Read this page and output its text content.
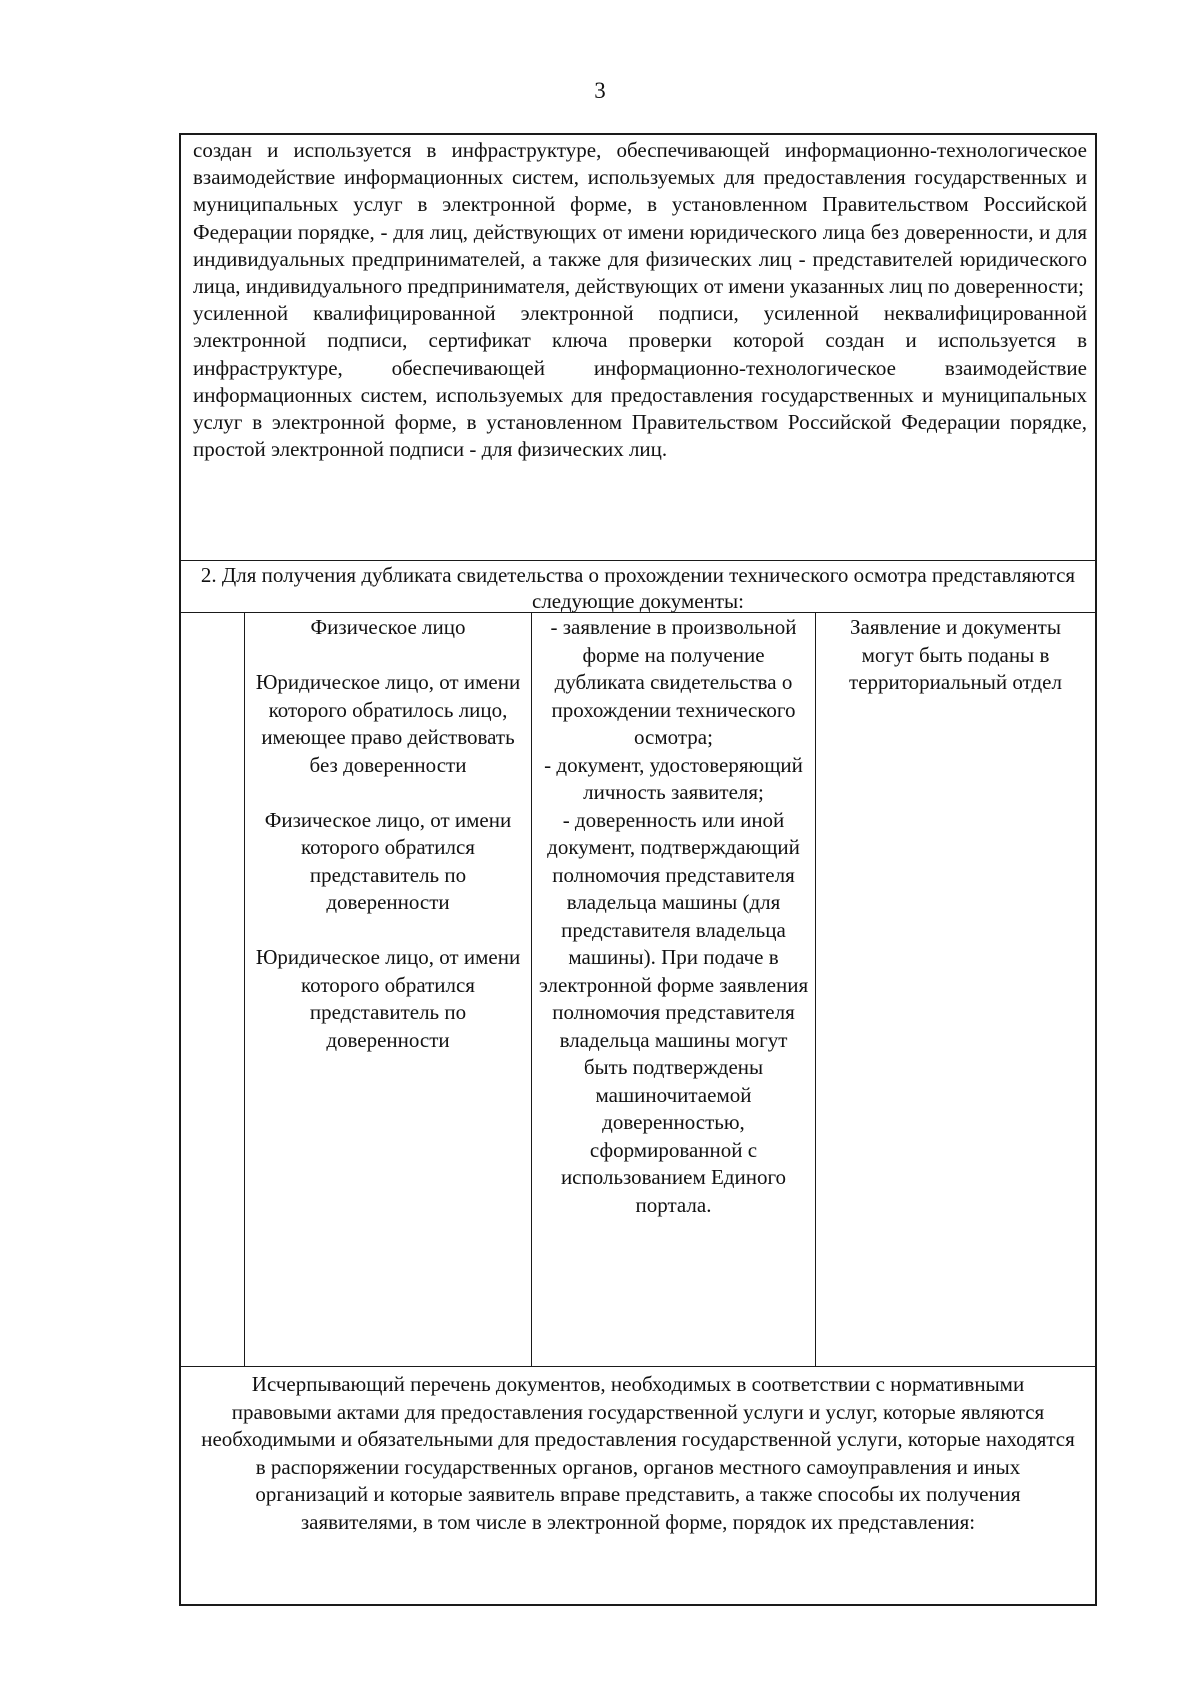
3

создан и используется в инфраструктуре, обеспечивающей информационно-технологическое взаимодействие информационных систем, используемых для предоставления государственных и муниципальных услуг в электронной форме, в установленном Правительством Российской Федерации порядке, - для лиц, действующих от имени юридического лица без доверенности, и для индивидуальных предпринимателей, а также для физических лиц - представителей юридического лица, индивидуального предпринимателя, действующих от имени указанных лиц по доверенности;

усиленной квалифицированной электронной подписи, усиленной неквалифицированной электронной подписи, сертификат ключа проверки которой создан и используется в инфраструктуре, обеспечивающей информационно-технологическое взаимодействие информационных систем, используемых для предоставления государственных и муниципальных услуг в электронной форме, в установленном Правительством Российской Федерации порядке, простой электронной подписи - для физических лиц.

2. Для получения дубликата свидетельства о прохождении технического осмотра представляются следующие документы:

Физическое лицо

Юридическое лицо, от имени которого обратилось лицо, имеющее право действовать без доверенности

Физическое лицо, от имени которого обратился представитель по доверенности

Юридическое лицо, от имени которого обратился представитель по доверенности

- заявление в произвольной форме на получение дубликата свидетельства о прохождении технического осмотра;

- документ, удостоверяющий личность заявителя;

- доверенность или иной документ, подтверждающий полномочия представителя владельца машины (для представителя владельца машины). При подаче в электронной форме заявления полномочия представителя владельца машины могут быть подтверждены машиночитаемой доверенностью, сформированной с использованием Единого портала.

Заявление и документы могут быть поданы в территориальный отдел

Исчерпывающий перечень документов, необходимых в соответствии с нормативными правовыми актами для предоставления государственной услуги и услуг, которые являются необходимыми и обязательными для предоставления государственной услуги, которые находятся в распоряжении государственных органов, органов местного самоуправления и иных организаций и которые заявитель вправе представить, а также способы их получения заявителями, в том числе в электронной форме, порядок их представления:
